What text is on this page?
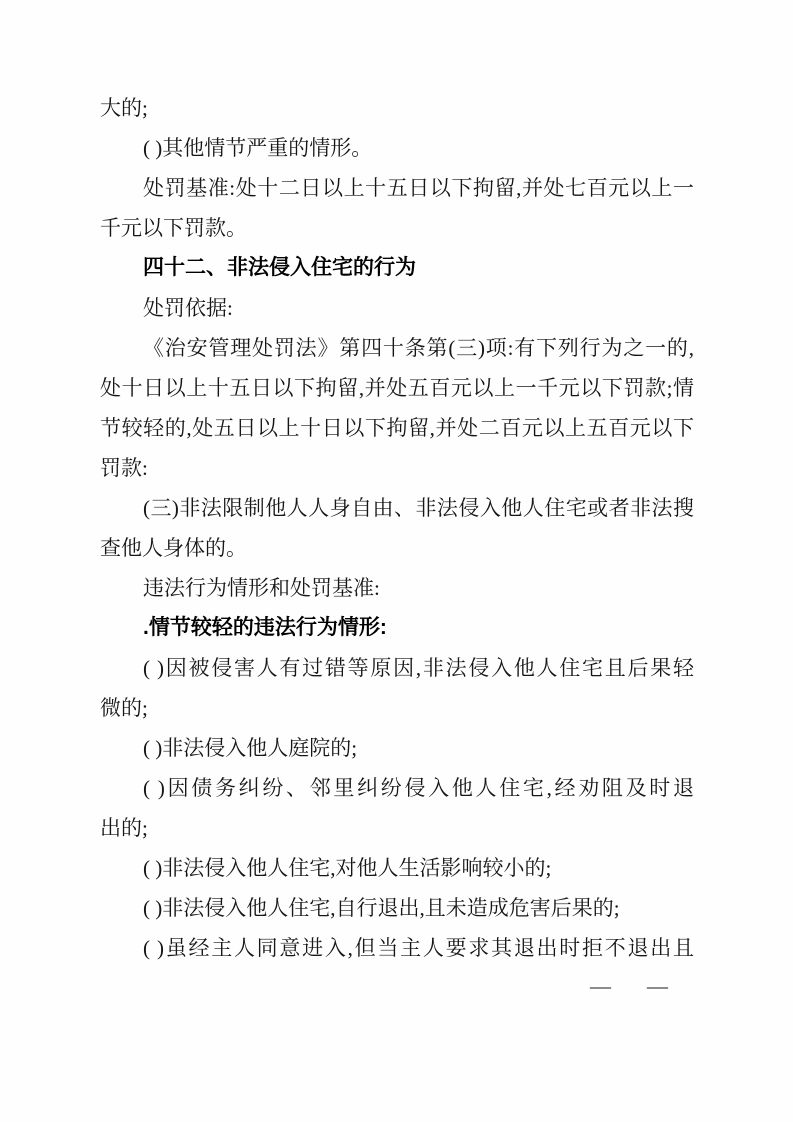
大的;

( )其他情节严重的情形。

处罚基准:处十二日以上十五日以下拘留,并处七百元以上一

千元以下罚款。

四十二、非法侵入住宅的行为

处罚依据:

《治安管理处罚法》第四十条第(三)项:有下列行为之一的,

处十日以上十五日以下拘留,并处五百元以上一千元以下罚款;情

节较轻的,处五日以上十日以下拘留,并处二百元以上五百元以下

罚款:

(三)非法限制他人人身自由、非法侵入他人住宅或者非法搜

查他人身体的。

违法行为情形和处罚基准:

.情节较轻的违法行为情形:

( )因被侵害人有过错等原因,非法侵入他人住宅且后果轻

微的;

( )非法侵入他人庭院的;

( )因债务纠纷、邻里纠纷侵入他人住宅,经劝阻及时退

出的;

( )非法侵入他人住宅,对他人生活影响较小的;

( )非法侵入他人住宅,自行退出,且未造成危害后果的;

( )虽经主人同意进入,但当主人要求其退出时拒不退出且

— —
